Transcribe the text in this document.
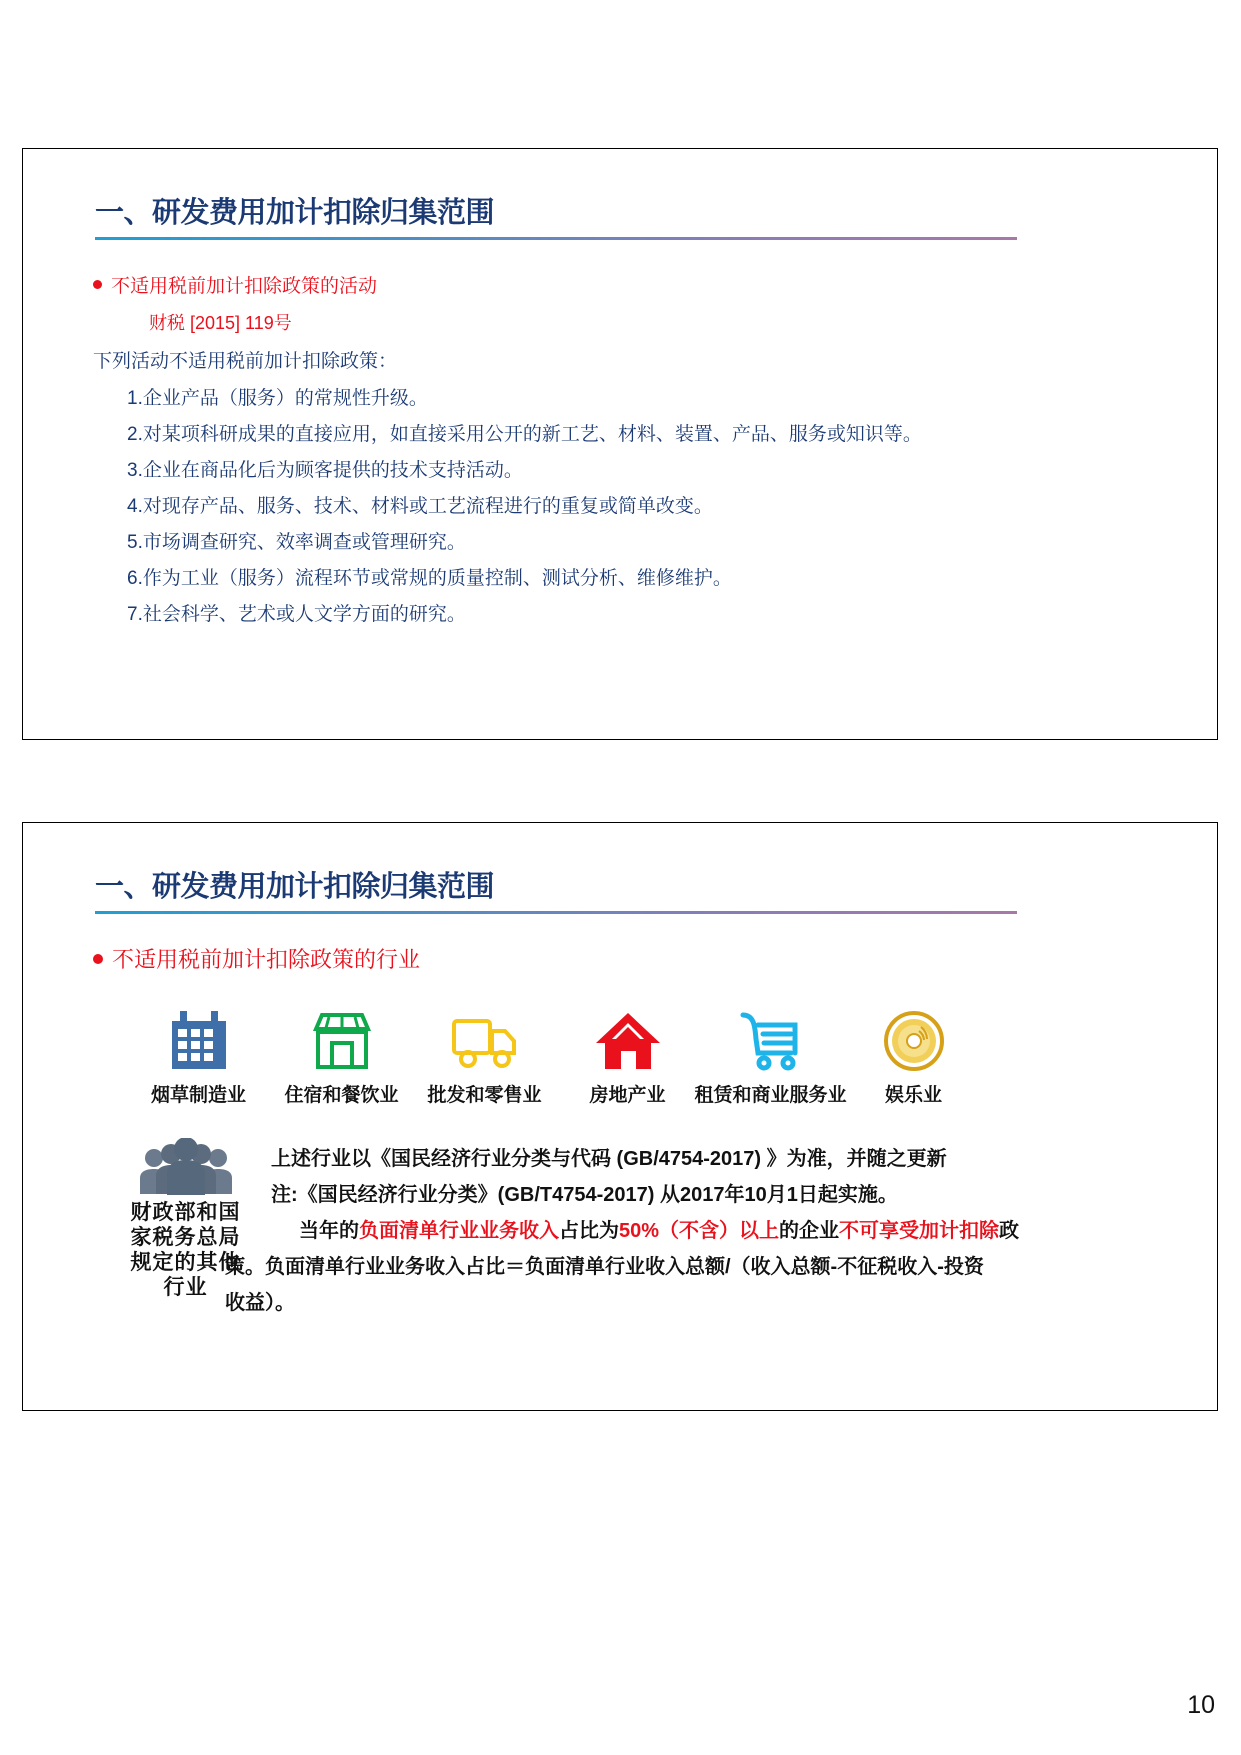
一、研发费用加计扣除归集范围
不适用税前加计扣除政策的活动
财税 [2015] 119号
下列活动不适用税前加计扣除政策：
1.企业产品（服务）的常规性升级。
2.对某项科研成果的直接应用，如直接采用公开的新工艺、材料、装置、产品、服务或知识等。
3.企业在商品化后为顾客提供的技术支持活动。
4.对现存产品、服务、技术、材料或工艺流程进行的重复或简单改变。
5.市场调查研究、效率调查或管理研究。
6.作为工业（服务）流程环节或常规的质量控制、测试分析、维修维护。
7.社会科学、艺术或人文学方面的研究。
一、研发费用加计扣除归集范围
不适用税前加计扣除政策的行业
烟草制造业 住宿和餐饮业 批发和零售业	房地产业 租赁和商业服务业 娱乐业
财政部和国
家税务总局
规定的其他
行业
上述行业以《国民经济行业分类与代码 (GB/4754-2017) 》为准，并随之更新
注:《国民经济行业分类》(GB/T4754-2017) 从2017年10月1日起实施。
当年的负面清单行业业务收入占比为50%（不含）以上的企业不可享受加计扣除政
策。负面清单行业业务收入占比＝负面清单行业收入总额/（收入总额-不征税收入-投资
收益）。
10
